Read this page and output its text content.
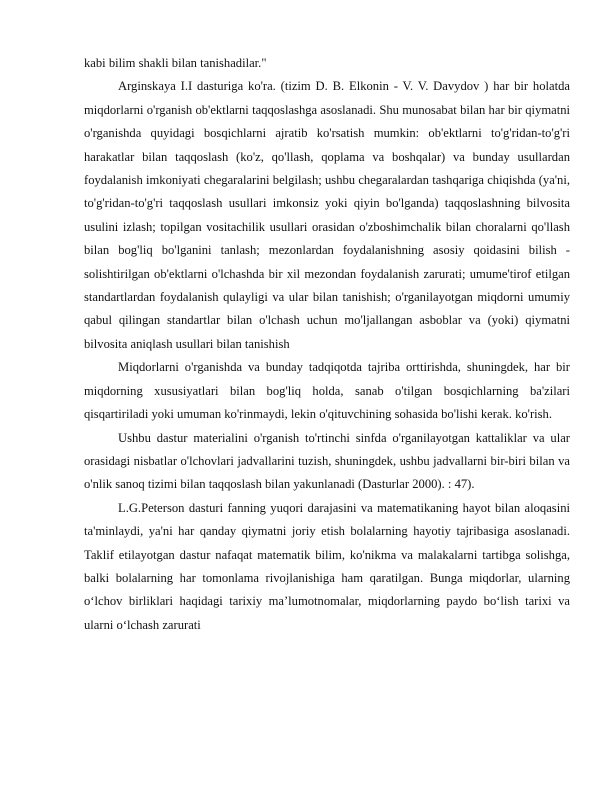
kabi bilim shakli bilan tanishadilar."

Arginskaya I.I dasturiga ko'ra. (tizim D. B. Elkonin - V. V. Davydov ) har bir holatda miqdorlarni o'rganish ob'ektlarni taqqoslashga asoslanadi. Shu munosabat bilan har bir qiymatni o'rganishda quyidagi bosqichlarni ajratib ko'rsatish mumkin: ob'ektlarni to'g'ridan-to'g'ri harakatlar bilan taqqoslash (ko'z, qo'llash, qoplama va boshqalar) va bunday usullardan foydalanish imkoniyati chegaralarini belgilash; ushbu chegaralardan tashqariga chiqishda (ya'ni, to'g'ridan-to'g'ri taqqoslash usullari imkonsiz yoki qiyin bo'lganda) taqqoslashning bilvosita usulini izlash; topilgan vositachilik usullari orasidan o'zboshimchalik bilan choralarni qo'llash bilan bog'liq bo'lganini tanlash; mezonlardan foydalanishning asosiy qoidasini bilish - solishtirilgan ob'ektlarni o'lchashda bir xil mezondan foydalanish zarurati; umume'tirof etilgan standartlardan foydalanish qulayligi va ular bilan tanishish; o'rganilayotgan miqdorni umumiy qabul qilingan standartlar bilan o'lchash uchun mo'ljallangan asboblar va (yoki) qiymatni bilvosita aniqlash usullari bilan tanishish

Miqdorlarni o'rganishda va bunday tadqiqotda tajriba orttirishda, shuningdek, har bir miqdorning xususiyatlari bilan bog'liq holda, sanab o'tilgan bosqichlarning ba'zilari qisqartiriladi yoki umuman ko'rinmaydi, lekin o'qituvchining sohasida bo'lishi kerak. ko'rish.

Ushbu dastur materialini o'rganish to'rtinchi sinfda o'rganilayotgan kattaliklar va ular orasidagi nisbatlar o'lchovlari jadvallarini tuzish, shuningdek, ushbu jadvallarni bir-biri bilan va o'nlik sanoq tizimi bilan taqqoslash bilan yakunlanadi (Dasturlar 2000). : 47).

L.G.Peterson dasturi fanning yuqori darajasini va matematikaning hayot bilan aloqasini ta'minlaydi, ya'ni har qanday qiymatni joriy etish bolalarning hayotiy tajribasiga asoslanadi. Taklif etilayotgan dastur nafaqat matematik bilim, ko'nikma va malakalarni tartibga solishga, balki bolalarning har tomonlama rivojlanishiga ham qaratilgan. Bunga miqdorlar, ularning o‘lchov birliklari haqidagi tarixiy ma’lumotnomalar, miqdorlarning paydo bo‘lish tarixi va ularni o‘lchash zarurati
